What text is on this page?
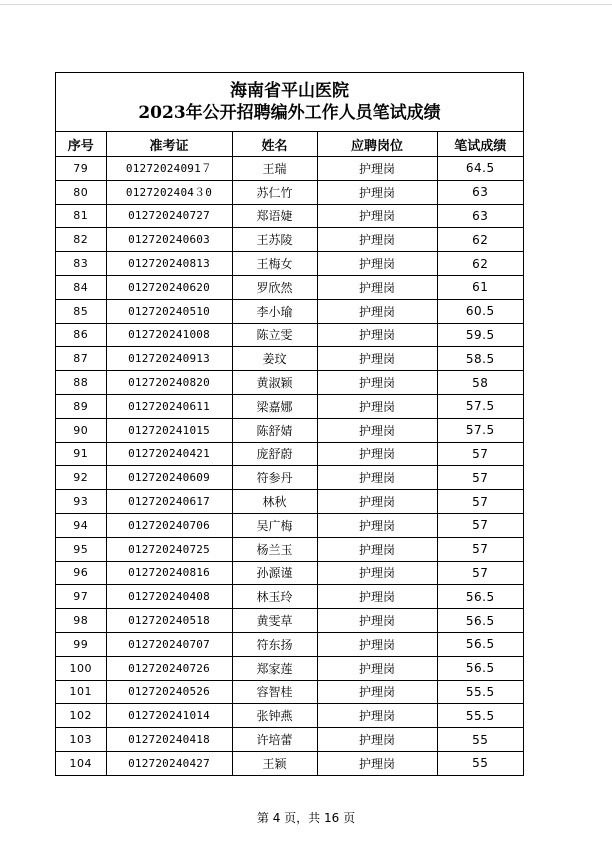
海南省平山医院
2023年公开招聘编外工作人员笔试成绩
序号	准考证	姓名	应聘岗位	笔试成绩
79	01272024091７	王瑞	护理岗	64.5
80	0127202404３0	苏仁竹	护理岗	63
81	012720240727	郑语婕	护理岗	63
82	012720240603	王苏陵	护理岗	62
83	012720240813	王梅女	护理岗	62
84	012720240620	罗欣然	护理岗	61
85	012720240510	李小瑜	护理岗	60.5
86	012720241008	陈立雯	护理岗	59.5
87	012720240913	姜玟	护理岗	58.5
88	012720240820	黄淑颖	护理岗	58
89	012720240611	梁嘉娜	护理岗	57.5
90	012720241015	陈舒婧	护理岗	57.5
91	012720240421	庞舒蔚	护理岗	57
92	012720240609	符参丹	护理岗	57
93	012720240617	林秋	护理岗	57
94	012720240706	吴广梅	护理岗	57
95	012720240725	杨兰玉	护理岗	57
96	012720240816	孙源谨	护理岗	57
97	012720240408	林玉玲	护理岗	56.5
98	012720240518	黄雯草	护理岗	56.5
99	012720240707	符东扬	护理岗	56.5
100	012720240726	郑家莲	护理岗	56.5
101	012720240526	容智桂	护理岗	55.5
102	012720241014	张钟燕	护理岗	55.5
103	012720240418	许培蕾	护理岗	55
104	012720240427	王颖	护理岗	55
第 4 页，共 16 页
